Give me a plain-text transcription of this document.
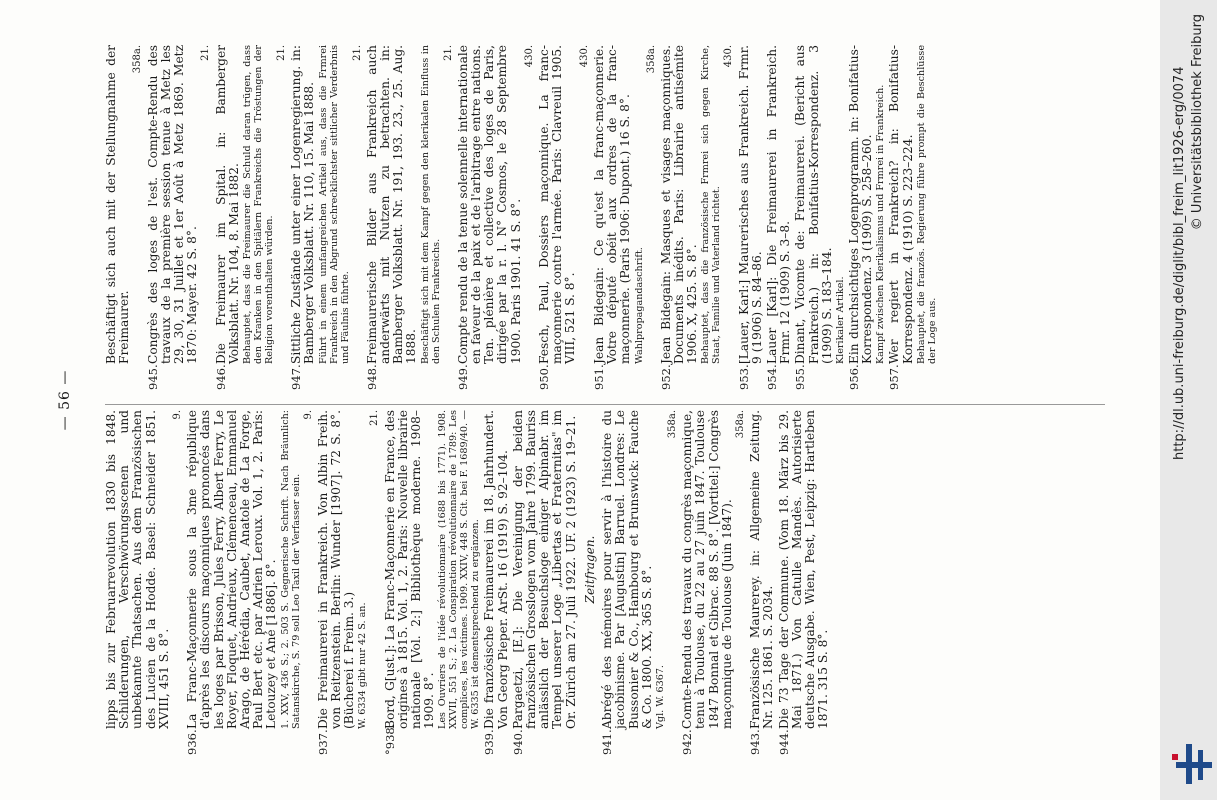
— 56 —
lipps bis zur Februarrevolution 1830 bis 1848. Schilderungen, Verschwörungsscenen und unbekannte Thatsachen. Aus dem Französischen des Lucien de la Hodde. Basel: Schneider 1851. XVIII, 451 S. 8°.
9.
936.
La Franc-Maçonnerie sous la 3me république d'après les discours maçonniques prononcés dans les loges par Brisson, Jules Ferry, Albert Ferry, Le Royer, Floquet, Andrieux, Clémenceau, Emmanuel Arago, de Hérédia, Caubet, Anatole de La Forge, Paul Bert etc. par Adrien Leroux. Vol. 1, 2. Paris: Letouzey et Ané [1886]. 8°. 1. XXV, 436 S.; 2. 503 S. Gegnerische Schrift. Nach Bräunlich: Satanskirche, S. 79 soll Leo Taxil der Verfasser sein.
9.
937.
Die Freimaurerei in Frankreich. Von Albin Freih. von Reitzenstein. Berlin: Wunder [1907]. 72 S. 8°. (Bücherei f. Freim. 3.) W. 6334 gibt nur 42 S. an.
21.
°938.
Bord, G[ust.]: La Franc-Maçonnerie en France, des origines à 1815. Vol. 1, 2. Paris: Nouvelle librairie nationale [Vol. 2:] Bibliothèque moderne. 1908–1909. 8°. Les Ouvriers de l'idée révolutionnaire (1688 bis 1771). 1908. XXVII, 551 S.; 2. La Conspiration révolutionnaire de 1789: Les complices, les victimes. 1909. XXIV, 448 S. Cit. bei F. 1689/40. — W. 6335 ist dementsprechend zu ergänzen.
939.
Die französische Freimaurerei im 18. Jahrhundert. Von Georg Pieper. ArSt. 16 (1919) S. 92–104.
940.
Pargaetzi, [E.]: Die Vereinigung der beiden französischen Grosslogen vom Jahre 1799. Bauriss anlässlich der Besuchsloge einiger Alpinabr. im Tempel unserer Loge „Libertas et Fraternitas" im Or. Zürich am 27. Juli 1922. UF. 2 (1923) S. 19–21. Zeitfragen.
941.
Abrégé des mémoires pour servir à l'histoire du jacobinisme. Par [Augustin] Barruel. Londres: Le Bussonier & Co., Hambourg et Brunswick: Fauche & Co. 1800. XX, 365 S. 8°. Vgl. W. 6367.
358a.
942.
Comte-Rendu des travaux du congrès maçonnique, tenu à Toulouse, du 22 au 27 juin 1847. Toulouse 1847 Bonnal et Gibrac. 88 S. 8°. [Vortitel:] Congrès maçonnique de Toulouse (Juin 1847).
358a.
943.
Französische Maurerey. in: Allgemeine Zeitung. Nr. 125. 1861. S. 2034.
944.
Die 73 Tage der Commune. (Vom 18. März bis 29. Mai 1871.) Von Catulle Mandès. Autorisierte deutsche Ausgabe. Wien, Pest, Leipzig: Hartleben 1871. 315 S. 8°.
Beschäftigt sich auch mit der Stellungnahme der Freimaurer.
358a.
945.
Congrès des loges de l'est. Compte-Rendu des travaux de la première session tenue à Metz les 29, 30, 31 Juillet et 1er Août à Metz 1869. Metz 1870: Mayer. 42 S. 8°.
21.
946.
Die Freimaurer im Spital. in: Bamberger Volksblatt. Nr. 104, 8. Mai 1882. Behauptet, dass die Freimaurer die Schuld daran trügen, dass den Kranken in den Spitälern Frankreichs die Tröstungen der Religion vorenthalten würden.
21.
947.
Sittliche Zustände unter einer Logenregierung. in: Bamberger Volksblatt. Nr. 110, 15. Mai 1888. Führt in einem umfangreichen Artikel aus, dass die Frmrei Frankreich in den Abgrund schrecklichster sittlicher Verderbnis und Fäulnis führte.
21.
948.
Freimaurerische Bilder aus Frankreich auch anderwärts mit Nutzen zu betrachten. in: Bamberger Volksblatt. Nr. 191, 193. 23., 25. Aug. 1888. Beschäftigt sich mit dem Kampf gegen den klerikalen Einfluss in den Schulen Frankreichs.
21.
949.
Compte rendu de la tenue solennelle internationale en faveur de la paix et de l'arbitrage entre nations. Ten. plénière et collective des loges de Paris, dirigée par la r. l. N° Cosmos, le 28 Septembre 1900. Paris 1901. 41 S. 8°.
430.
950.
Fesch, Paul, Dossiers maçonnique. La franc-maçonnerie contre l'armée. Paris: Clavreuil 1905. VIII, 521 S. 8°.
430.
951.
Jean Bidegain: Ce qu'est la franc-maçonnerie. Votre député obéit aux ordres de la franc-maçonnerie. (Paris 1906: Dupont.) 16 S. 8°. Wahlpropagandaschrift.
358a.
952.
Jean Bidegain: Masques et visages maçonniques. Documents inédits. Paris: Librairie antisémite 1906. X, 425. S. 8°. Behauptet, dass die französische Frmrei sich gegen Kirche, Staat, Familie und Vaterland richtet.
430.
953.
[Lauer, Karl:] Maurerisches aus Frankreich. Frmr. 9 (1906) S. 84–86.
954.
Lauer [Karl]: Die Freimaurerei in Frankreich. Frmr. 12 (1909) S. 3–8.
955.
Dinant, Vicomte de: Freimaurerei. (Bericht aus Frankreich.) in: Bonifatius-Korrespondenz. 3 (1909) S. 183–184. Klerikaler Artikel.
956.
Ein durchsichtiges Logenprogramm. in: Bonifatius-Korrespondenz. 3 (1909) S. 258–260. Kampf zwischen Klerikalismus und Frmrei in Frankreich.
957.
Wer regiert in Frankreich? in: Bonifatius-Korrespondenz. 4 (1910) S. 223–224. Behauptet, die französ. Regierung führe prompt die Beschlüsse der Loge aus.	http://dl.ub.uni-freiburg.de/diglit/bibl_freim_lit1926-erg/0074 © Universitätsbibliothek Freiburg
